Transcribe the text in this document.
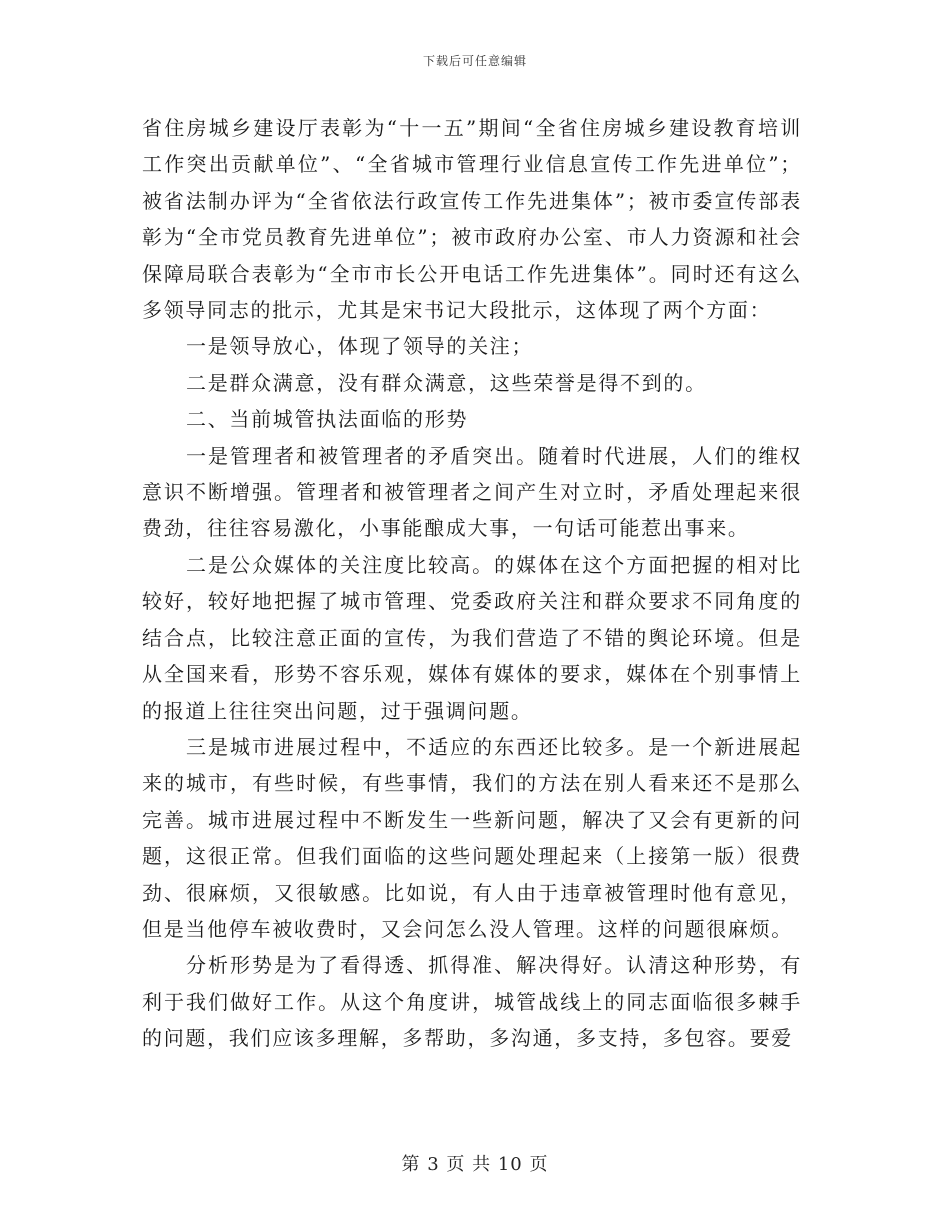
下载后可任意编辑

省住房城乡建设厅表彰为“十一五”期间“全省住房城乡建设教育培训工作突出贡献单位”、“全省城市管理行业信息宣传工作先进单位”；被省法制办评为“全省依法行政宣传工作先进集体”；被市委宣传部表彰为“全市党员教育先进单位”；被市政府办公室、市人力资源和社会保障局联合表彰为“全市市长公开电话工作先进集体”。同时还有这么多领导同志的批示，尤其是宋书记大段批示，这体现了两个方面：

一是领导放心，体现了领导的关注；

二是群众满意，没有群众满意，这些荣誉是得不到的。

二、当前城管执法面临的形势

一是管理者和被管理者的矛盾突出。随着时代进展，人们的维权意识不断增强。管理者和被管理者之间产生对立时，矛盾处理起来很费劲，往往容易激化，小事能酿成大事，一句话可能惹出事来。

二是公众媒体的关注度比较高。的媒体在这个方面把握的相对比较好，较好地把握了城市管理、党委政府关注和群众要求不同角度的结合点，比较注意正面的宣传，为我们营造了不错的舆论环境。但是从全国来看，形势不容乐观，媒体有媒体的要求，媒体在个别事情上的报道上往往突出问题，过于强调问题。

三是城市进展过程中，不适应的东西还比较多。是一个新进展起来的城市，有些时候，有些事情，我们的方法在别人看来还不是那么完善。城市进展过程中不断发生一些新问题，解决了又会有更新的问题，这很正常。但我们面临的这些问题处理起来（上接第一版）很费劲、很麻烦，又很敏感。比如说，有人由于违章被管理时他有意见，但是当他停车被收费时，又会问怎么没人管理。这样的问题很麻烦。

分析形势是为了看得透、抓得准、解决得好。认清这种形势，有利于我们做好工作。从这个角度讲，城管战线上的同志面临很多棘手的问题，我们应该多理解，多帮助，多沟通，多支持，多包容。要爱

第 3 页 共 10 页
